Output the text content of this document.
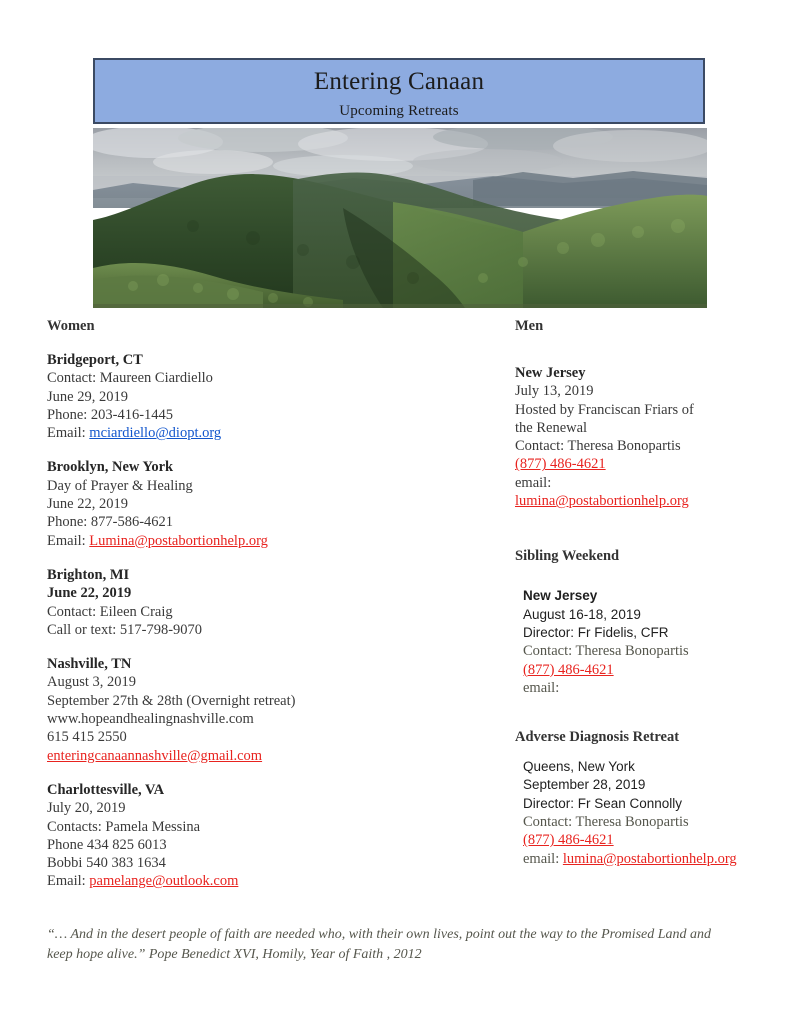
Entering Canaan
Upcoming Retreats
Women
Bridgeport, CT
Contact: Maureen Ciardiello
June 29, 2019
Phone: 203-416-1445
Email: mciardiello@diopt.org
Brooklyn, New York
Day of Prayer & Healing
June 22, 2019
Phone: 877-586-4621
Email: Lumina@postabortionhelp.org
Brighton, MI
June 22, 2019
Contact: Eileen Craig
Call or text: 517-798-9070
Nashville, TN
August 3, 2019
September 27th & 28th (Overnight retreat)
www.hopeandhealingnashville.com
615 415 2550
enteringcanaannashville@gmail.com
Charlottesville, VA
July 20, 2019
Contacts: Pamela Messina
Phone 434 825 6013
Bobbi 540 383 1634
Email: pamelange@outlook.com
Men
New Jersey
July 13, 2019
Hosted by Franciscan Friars of
the Renewal
Contact: Theresa Bonopartis
(877) 486-4621
email:
lumina@postabortionhelp.org
Sibling Weekend
New Jersey
August 16-18, 2019
Director: Fr Fidelis, CFR
Contact: Theresa Bonopartis
(877) 486-4621
email:
Adverse Diagnosis Retreat
Queens, New York
September 28, 2019
Director: Fr Sean Connolly
Contact: Theresa Bonopartis
(877) 486-4621
email: lumina@postabortionhelp.org
“… And in the desert people of faith are needed who, with their own lives, point out the way to the Promised Land and
keep hope alive.” Pope Benedict XVI, Homily, Year of Faith , 2012
